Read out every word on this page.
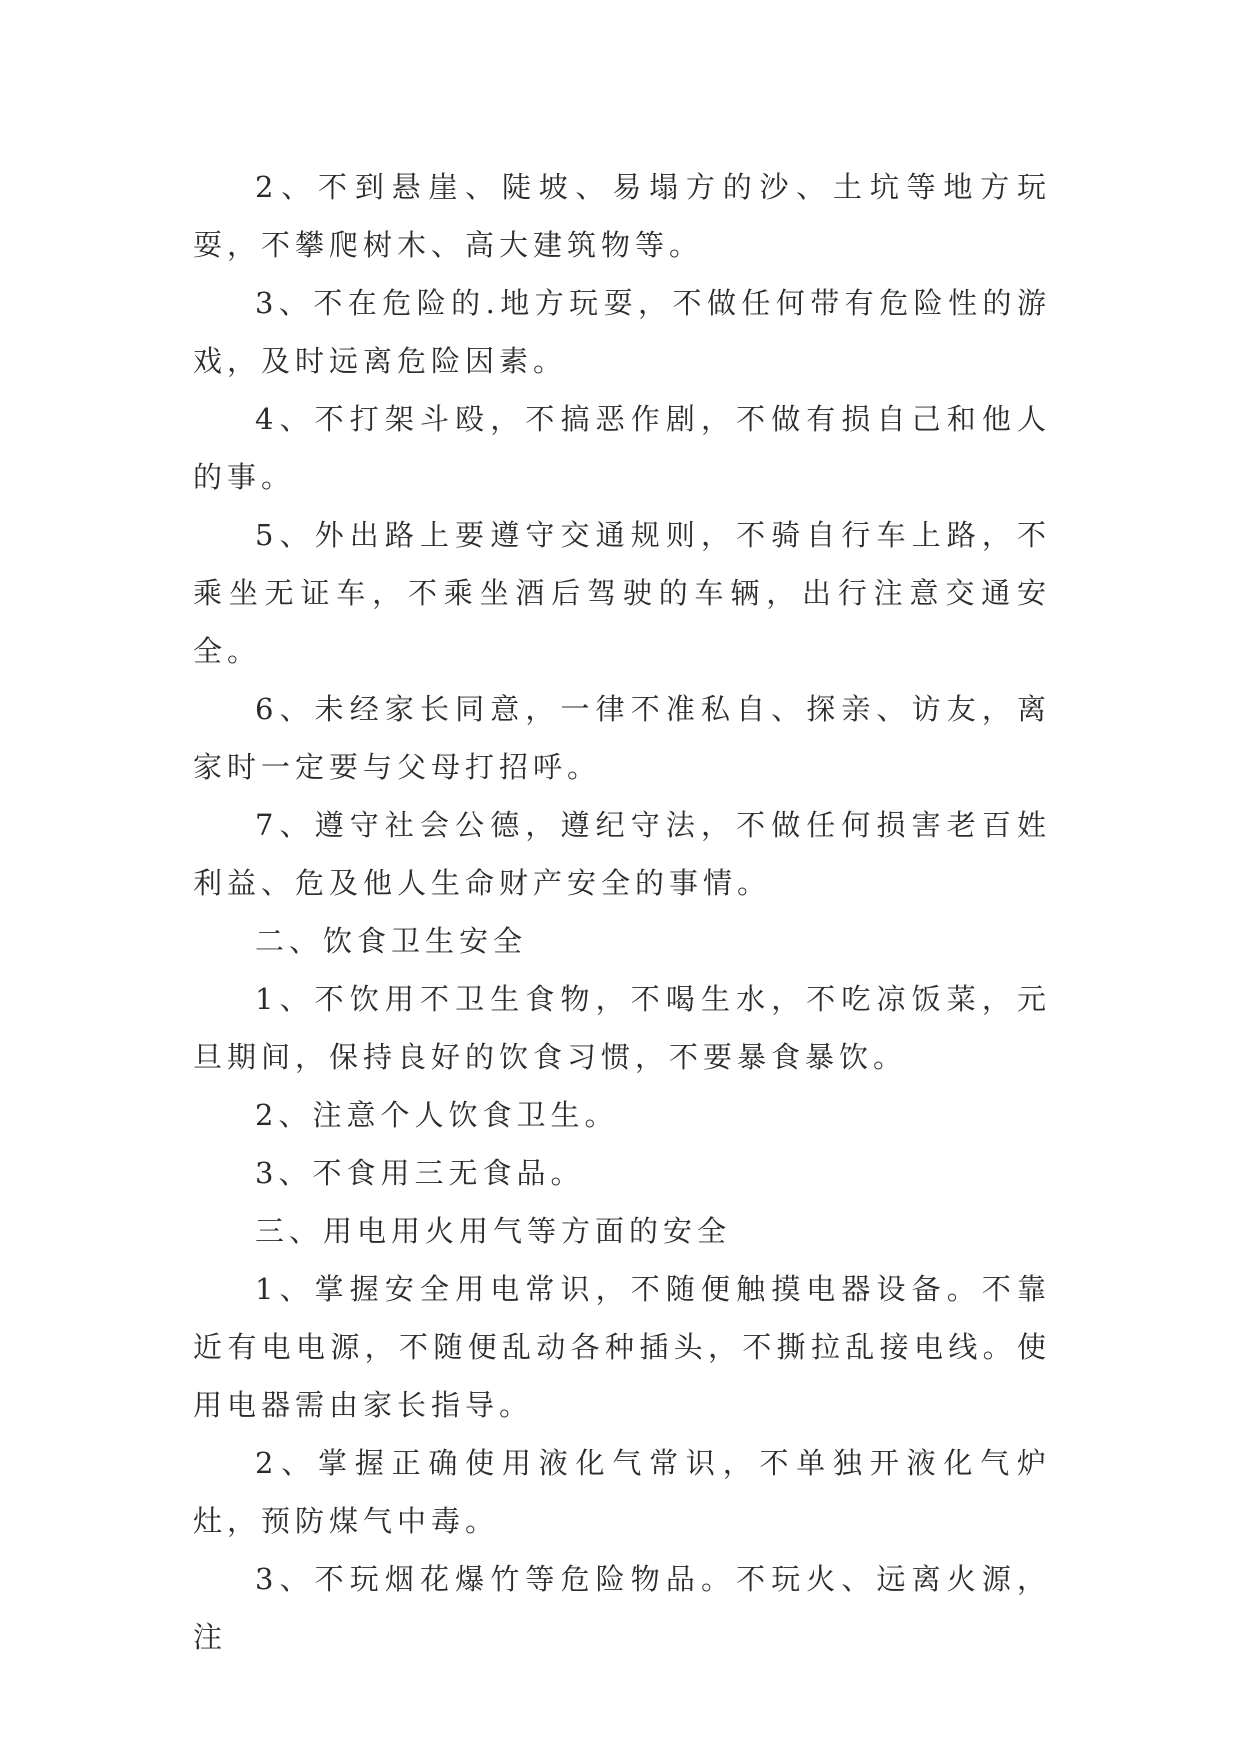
2、不到悬崖、陡坡、易塌方的沙、土坑等地方玩耍，不攀爬树木、高大建筑物等。

3、不在危险的.地方玩耍，不做任何带有危险性的游戏，及时远离危险因素。

4、不打架斗殴，不搞恶作剧，不做有损自己和他人的事。

5、外出路上要遵守交通规则，不骑自行车上路，不乘坐无证车，不乘坐酒后驾驶的车辆，出行注意交通安全。

6、未经家长同意，一律不准私自、探亲、访友，离家时一定要与父母打招呼。

7、遵守社会公德，遵纪守法，不做任何损害老百姓利益、危及他人生命财产安全的事情。

二、饮食卫生安全

1、不饮用不卫生食物，不喝生水，不吃凉饭菜，元旦期间，保持良好的饮食习惯，不要暴食暴饮。

2、注意个人饮食卫生。

3、不食用三无食品。

三、用电用火用气等方面的安全

1、掌握安全用电常识，不随便触摸电器设备。不靠近有电电源，不随便乱动各种插头，不撕拉乱接电线。使用电器需由家长指导。

2、掌握正确使用液化气常识，不单独开液化气炉灶，预防煤气中毒。

3、不玩烟花爆竹等危险物品。不玩火、远离火源，注
